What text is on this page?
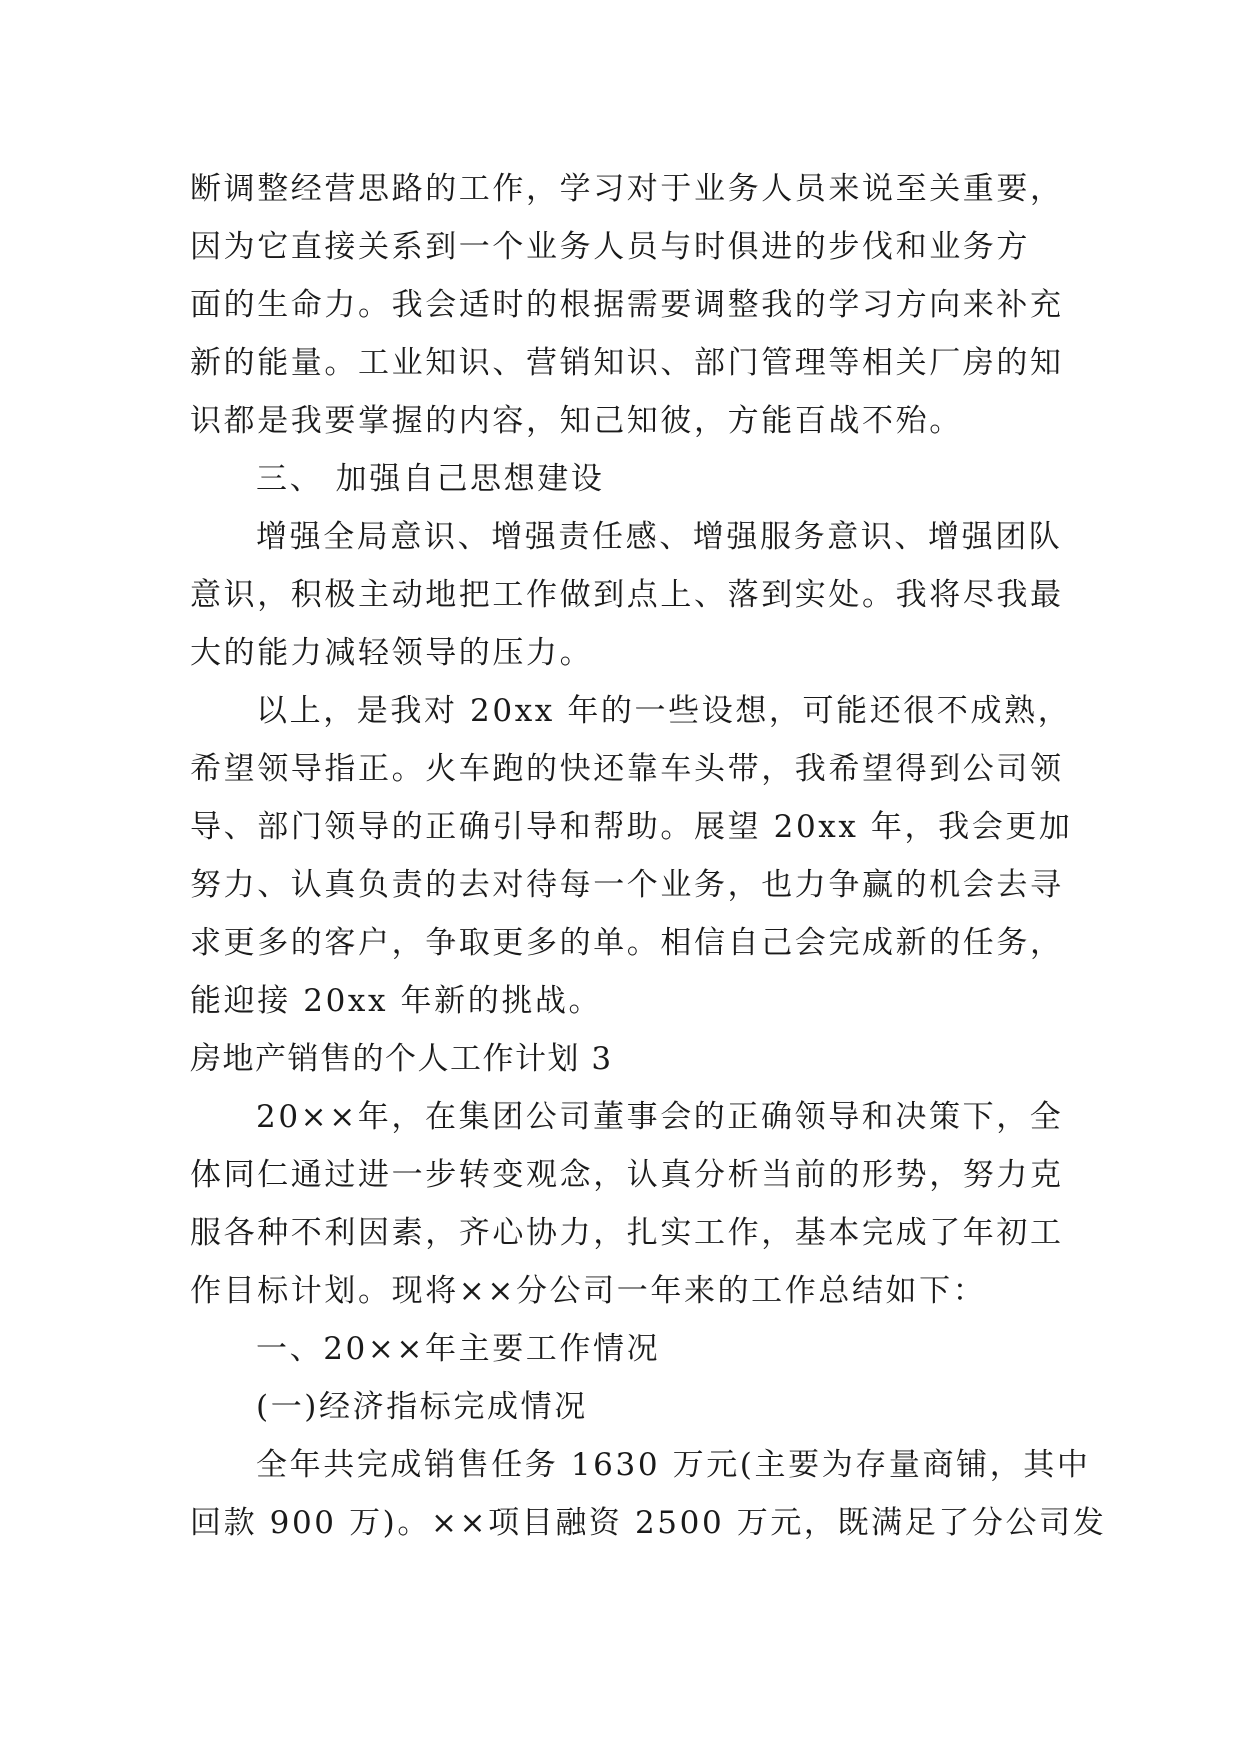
断调整经营思路的工作，学习对于业务人员来说至关重要，
因为它直接关系到一个业务人员与时俱进的步伐和业务方
面的生命力。我会适时的根据需要调整我的学习方向来补充
新的能量。工业知识、营销知识、部门管理等相关厂房的知
识都是我要掌握的内容，知己知彼，方能百战不殆。
三、 加强自己思想建设
增强全局意识、增强责任感、增强服务意识、增强团队
意识，积极主动地把工作做到点上、落到实处。我将尽我最
大的能力减轻领导的压力。
以上，是我对 20xx 年的一些设想，可能还很不成熟，
希望领导指正。火车跑的快还靠车头带，我希望得到公司领
导、部门领导的正确引导和帮助。展望 20xx 年，我会更加
努力、认真负责的去对待每一个业务，也力争赢的机会去寻
求更多的客户，争取更多的单。相信自己会完成新的任务，
能迎接 20xx 年新的挑战。
房地产销售的个人工作计划 3
20××年，在集团公司董事会的正确领导和决策下，全
体同仁通过进一步转变观念，认真分析当前的形势，努力克
服各种不利因素，齐心协力，扎实工作，基本完成了年初工
作目标计划。现将××分公司一年来的工作总结如下：
一、20××年主要工作情况
(一)经济指标完成情况
全年共完成销售任务 1630 万元(主要为存量商铺，其中
回款 900 万)。××项目融资 2500 万元，既满足了分公司发
